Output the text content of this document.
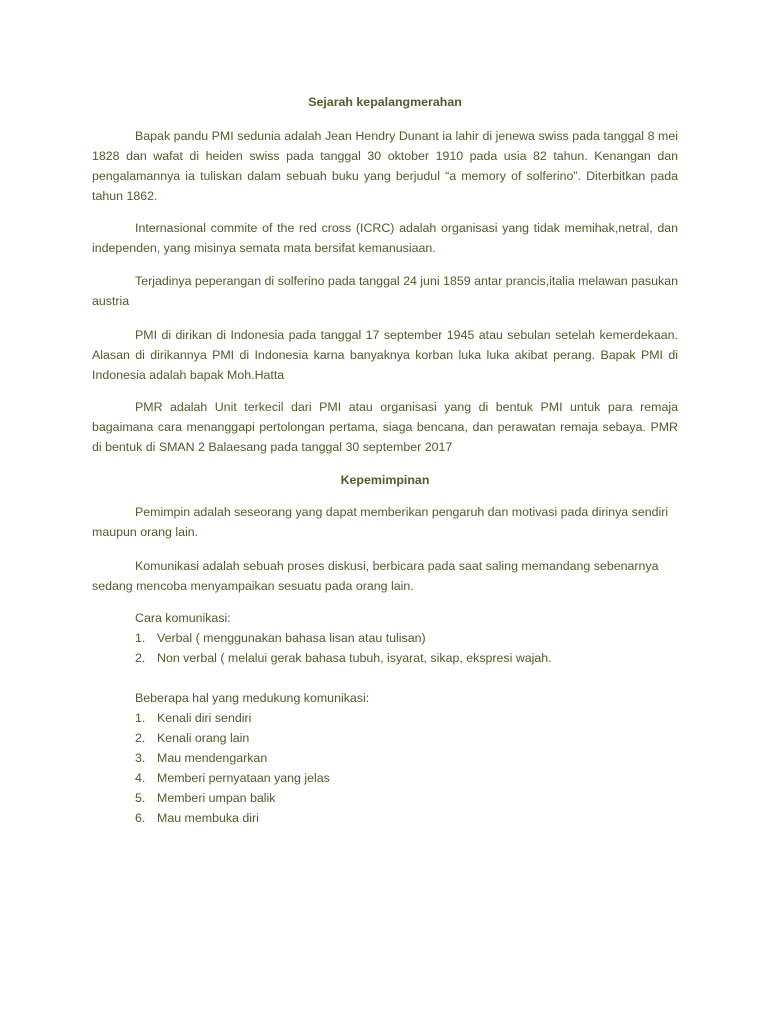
Sejarah kepalangmerahan

Bapak pandu PMI sedunia adalah Jean Hendry Dunant ia lahir di jenewa swiss pada tanggal 8 mei 1828 dan wafat di heiden swiss pada tanggal 30 oktober 1910 pada usia 82 tahun. Kenangan dan pengalamannya ia tuliskan dalam sebuah buku yang berjudul “a memory of solferino”. Diterbitkan pada tahun 1862.

Internasional commite of the red cross (ICRC) adalah organisasi yang tidak memihak,netral, dan independen, yang misinya semata mata bersifat kemanusiaan.

Terjadinya peperangan di solferino pada tanggal 24 juni 1859 antar prancis,italia melawan pasukan austria

PMI di dirikan di Indonesia pada tanggal 17 september 1945 atau sebulan setelah kemerdekaan. Alasan di dirikannya PMI di Indonesia karna banyaknya korban luka luka akibat perang. Bapak PMI di Indonesia adalah bapak Moh.Hatta

PMR adalah Unit terkecil dari PMI atau organisasi yang di bentuk PMI untuk para remaja bagaimana cara menanggapi pertolongan pertama, siaga bencana, dan perawatan remaja sebaya. PMR di bentuk di SMAN 2 Balaesang pada tanggal 30 september 2017

Kepemimpinan

Pemimpin adalah seseorang yang dapat memberikan pengaruh dan motivasi pada dirinya sendiri maupun orang lain.

Komunikasi adalah sebuah proses diskusi, berbicara pada saat saling memandang sebenarnya sedang mencoba menyampaikan sesuatu pada orang lain.

Cara komunikasi:

1. Verbal ( menggunakan bahasa lisan atau tulisan)
2. Non verbal ( melalui gerak bahasa tubuh, isyarat, sikap, ekspresi wajah.

Beberapa hal yang medukung komunikasi:

1. Kenali diri sendiri
2. Kenali orang lain
3. Mau mendengarkan
4. Memberi pernyataan yang jelas
5. Memberi umpan balik
6. Mau membuka diri
